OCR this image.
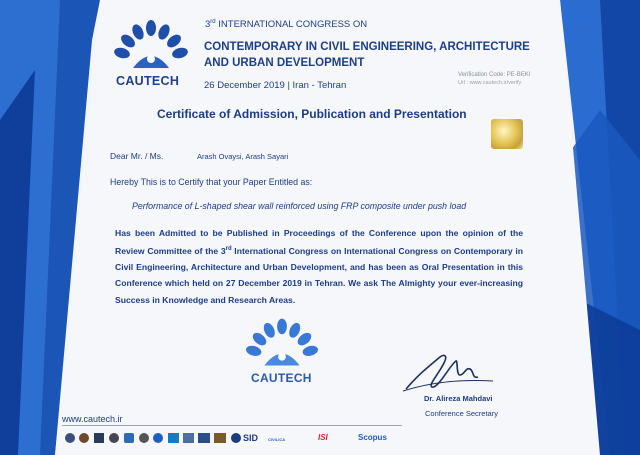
CAUTECH
3rd INTERNATIONAL CONGRESS ON
CONTEMPORARY IN CIVIL ENGINEERING, ARCHITECTURE AND URBAN DEVELOPMENT
26 December 2019 | Iran - Tehran
Verification Code: PE-BEKI
Url : www.cautech.ir/verify
Certificate of Admission, Publication and Presentation
Dear Mr. / Ms.	Arash Ovaysi, Arash Sayari
Hereby This is to Certify that your Paper Entitled as:
Performance of L-shaped shear wall reinforced using FRP composite under push load
Has been Admitted to be Published in Proceedings of the Conference upon the opinion of the Review Committee of the 3rd International Congress on International Congress on Contemporary in Civil Engineering, Architecture and Urban Development, and has been as Oral Presentation in this Conference which held on 27 December 2019 in Tehran. We ask The Almighty your ever-increasing Success in Knowledge and Research Areas.
CAUTECH
Dr. Alireza Mahdavi
Conference Secretary
www.cautech.ir
SID CIVILICA	ISI	Scopus
